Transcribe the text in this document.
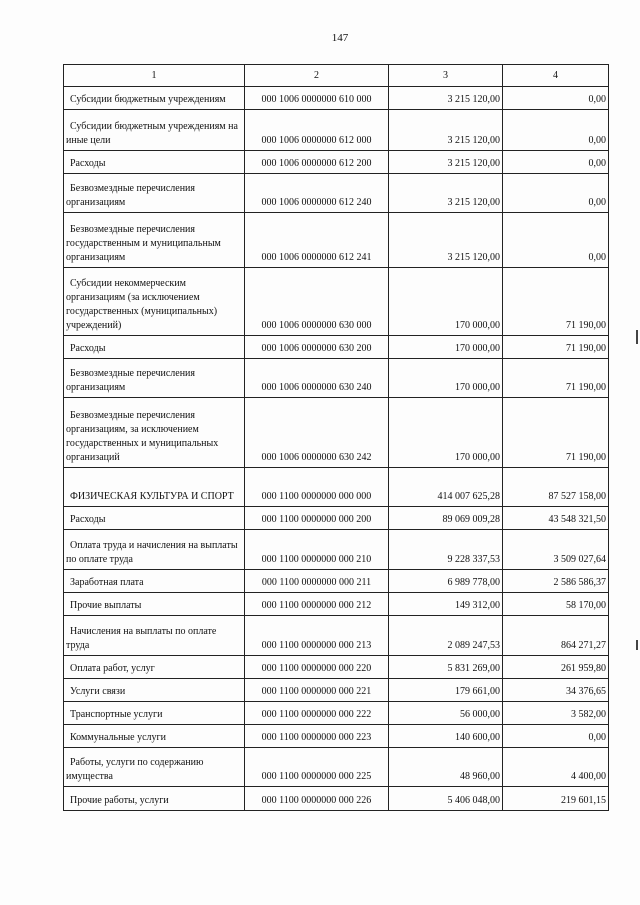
147
1	2	3	4

Субсидии бюджетным учреждениям	000 1006 0000000 610 000	3 215 120,00	0,00

Субсидии бюджетным учреждениям на иные цели	000 1006 0000000 612 000	3 215 120,00	0,00

Расходы	000 1006 0000000 612 200	3 215 120,00	0,00

Безвозмездные перечисления организациям	000 1006 0000000 612 240	3 215 120,00	0,00

Безвозмездные перечисления государственным и муниципальным организациям	000 1006 0000000 612 241	3 215 120,00	0,00

Субсидии некоммерческим организациям (за исключением государственных (муниципальных) учреждений)	000 1006 0000000 630 000	170 000,00	71 190,00

Расходы	000 1006 0000000 630 200	170 000,00	71 190,00

Безвозмездные перечисления организациям	000 1006 0000000 630 240	170 000,00	71 190,00

Безвозмездные перечисления организациям, за исключением государственных и муниципальных организаций	000 1006 0000000 630 242	170 000,00	71 190,00

ФИЗИЧЕСКАЯ КУЛЬТУРА И СПОРТ	000 1100 0000000 000 000	414 007 625,28	87 527 158,00

Расходы	000 1100 0000000 000 200	89 069 009,28	43 548 321,50

Оплата труда и начисления на выплаты по оплате труда	000 1100 0000000 000 210	9 228 337,53	3 509 027,64

Заработная плата	000 1100 0000000 000 211	6 989 778,00	2 586 586,37

Прочие выплаты	000 1100 0000000 000 212	149 312,00	58 170,00

Начисления на выплаты по оплате труда	000 1100 0000000 000 213	2 089 247,53	864 271,27

Оплата работ, услуг	000 1100 0000000 000 220	5 831 269,00	261 959,80

Услуги связи	000 1100 0000000 000 221	179 661,00	34 376,65

Транспортные услуги	000 1100 0000000 000 222	56 000,00	3 582,00

Коммунальные услуги	000 1100 0000000 000 223	140 600,00	0,00

Работы, услуги по содержанию имущества	000 1100 0000000 000 225	48 960,00	4 400,00

Прочие работы, услуги	000 1100 0000000 000 226	5 406 048,00	219 601,15
